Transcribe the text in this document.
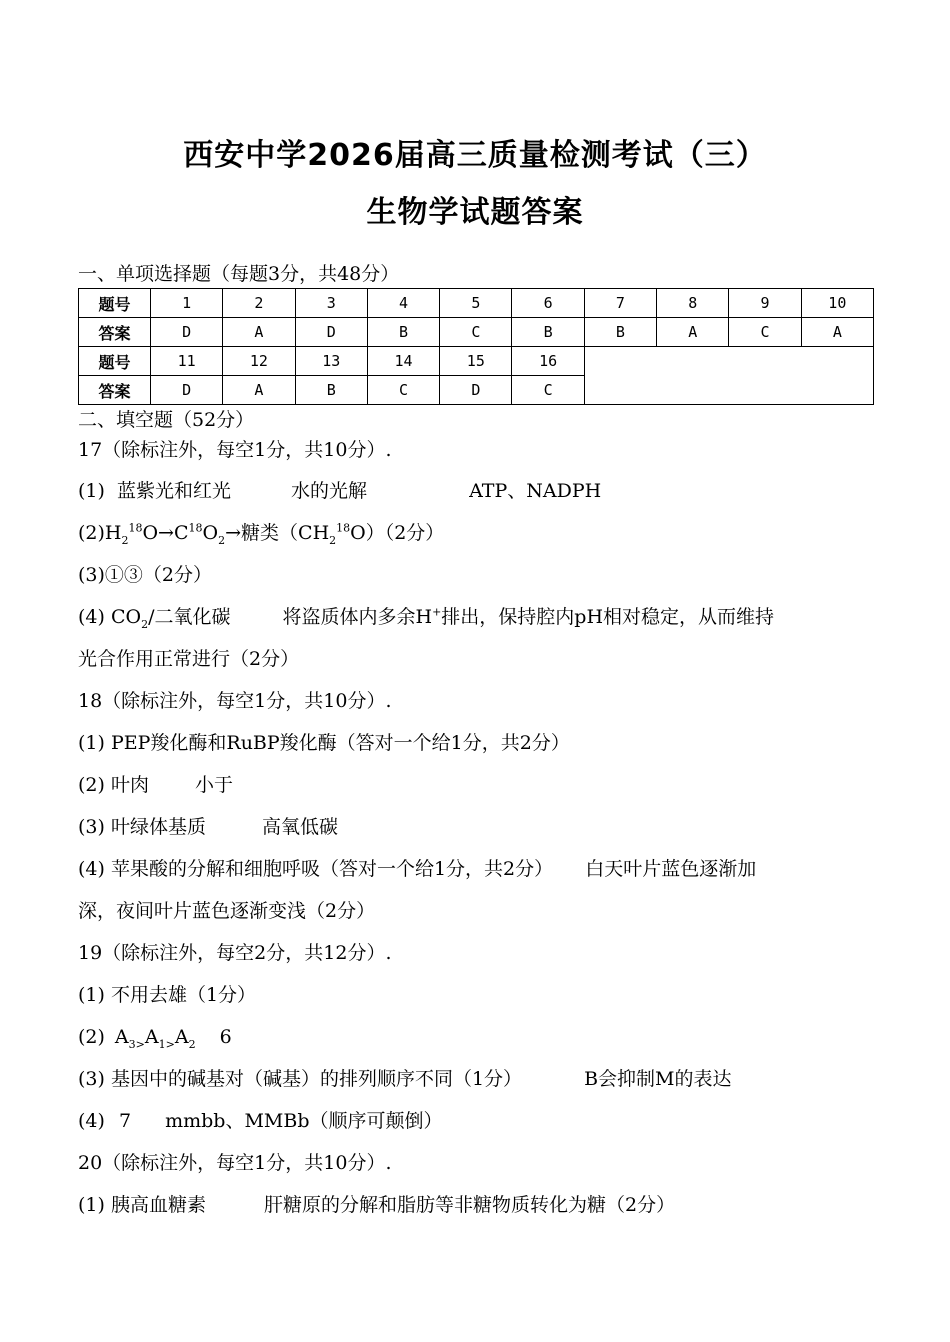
西安中学2026届高三质量检测考试（三）
生物学试题答案
一、单项选择题（每题3分，共48分）
题号	1	2	3	4	5	6	7	8	9	10
答案	D	A	D	B	C	B	B	A	C	A
题号	11	12	13	14	15	16				
答案	D	A	B	C	D	C				
二、填空题（52分）
17（除标注外，每空1分，共10分）.
(1) 蓝紫光和红光	水的光解	ATP、NADPH
$(2)H_2^{18}O\to C^{18}O_2\to$糖类$(CH_2^{18}O)(2$分）
(3)①③（2分）
(4) $CO_2/$二氧化碳	将盗质体内多余H+排出，保持腔内pH相对稳定，从而维持
光合作用正常进行（2分）
18（除标注外，每空1分，共10分）.
(1) PEP羧化酶和RuBP羧化酶（答对一个给1分，共2分）
(2) 叶肉 小于
(3) 叶绿体基质	高氧低碳
(4) 苹果酸的分解和细胞呼吸（答对一个给1分，共2分） 白天叶片蓝色逐渐加
深，夜间叶片蓝色逐渐变浅（2分）
19（除标注外，每空2分，共12分）.
(1) 不用去雄（1分）
(2) $A_{3>}A_{1>}A_2$ 6
(3) 基因中的碱基对（碱基）的排列顺序不同（1分）	B会抑制M的表达
(4) 7 mmbb、MMBb（顺序可颠倒）
20（除标注外，每空1分，共10分）.
(1) 胰高血糖素	肝糖原的分解和脂肪等非糖物质转化为糖（2分）
